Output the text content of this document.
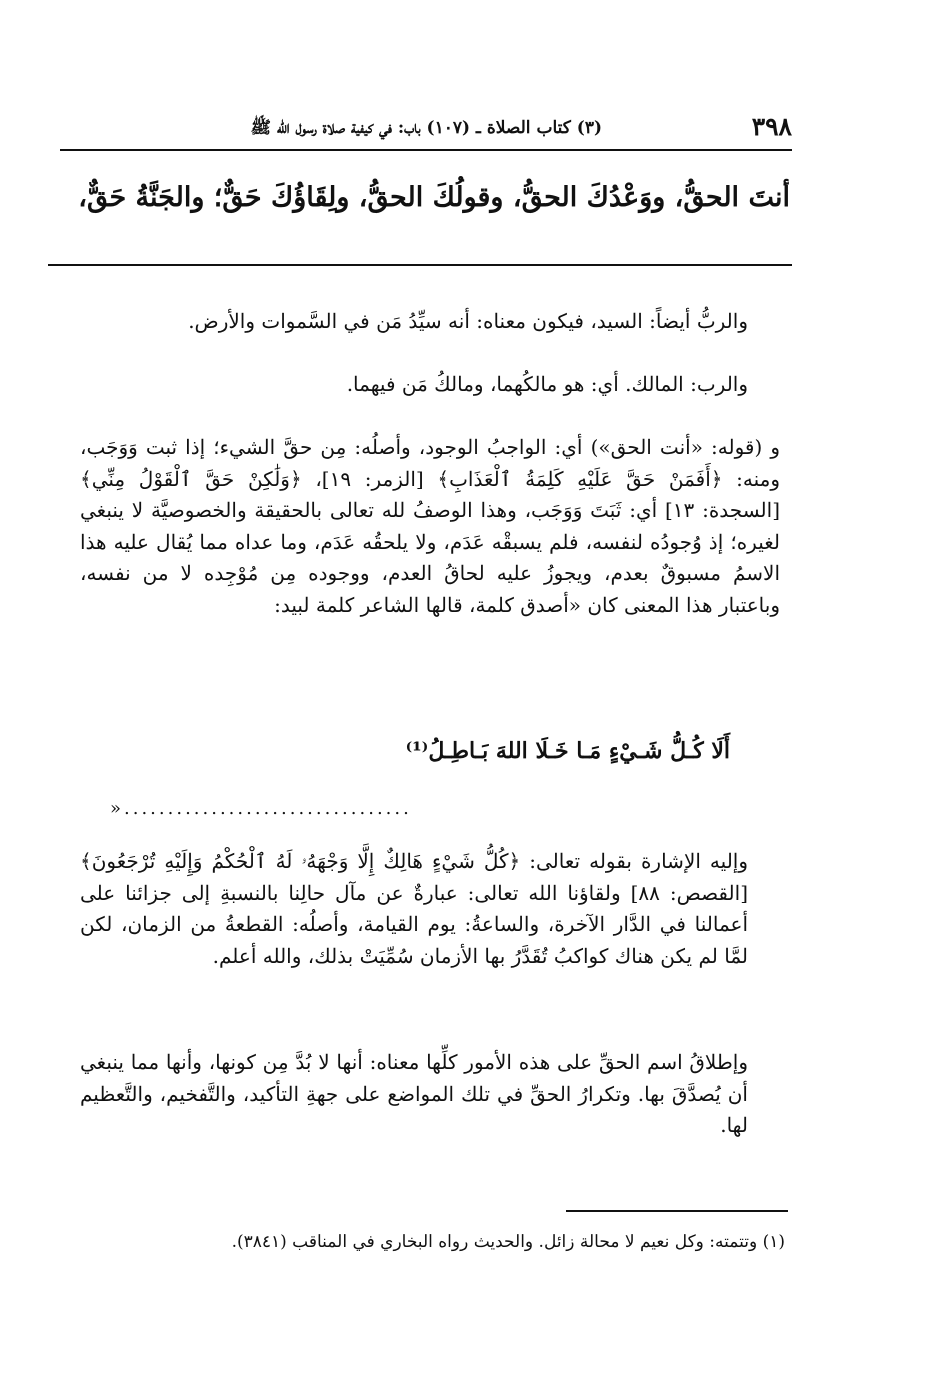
٣٩٨
(٣) كتاب الصلاة ـ (١٠٧) باب: في كيفية صلاة رسول الله ﷺ
أنتَ الحقُّ، ووَعْدُكَ الحقُّ، وقولُكَ الحقُّ، ولِقَاؤُكَ حَقٌّ؛ والجَنَّةُ حَقٌّ،

والربُّ أيضاً: السيد، فيكون معناه: أنه سيِّدُ مَن في السَّموات والأرض.

والرب: المالك. أي: هو مالكُهما، ومالكُ مَن فيهما.

و (قوله: «أنت الحق») أي: الواجبُ الوجود، وأصلُه: مِن حقَّ الشيء؛ إذا ثبت وَوَجَب، ومنه: ﴿أَفَمَنْ حَقَّ عَلَيْهِ كَلِمَةُ ٱلْعَذَابِ﴾ [الزمر: ١٩]، ﴿وَلَٰكِنْ حَقَّ ٱلْقَوْلُ مِنِّي﴾ [السجدة: ١٣] أي: ثَبَتَ وَوَجَب، وهذا الوصفُ لله تعالى بالحقيقة والخصوصيَّة لا ينبغي لغيره؛ إذ وُجودُه لنفسه، فلم يسبقْه عَدَم، ولا يلحقُه عَدَم، وما عداه مما يُقال عليه هذا الاسمُ مسبوقٌ بعدم، ويجوزُ عليه لحاقُ العدم، ووجوده مِن مُوْجِده لا من نفسه، وباعتبار هذا المعنى كان «أصدق كلمة، قالها الشاعر كلمة لبيد:

أَلَا كُـلُّ شَـيْءٍ مَـا خَـلَا اللهَ بَـاطِـلُ⁽¹⁾
».................................

وإليه الإشارة بقوله تعالى: ﴿كُلُّ شَيْءٍ هَالِكٌ إِلَّا وَجْهَهُۥ لَهُ ٱلْحُكْمُ وَإِلَيْهِ تُرْجَعُونَ﴾ [القصص: ٨٨] ولقاؤنا الله تعالى: عبارةٌ عن مآل حالِنا بالنسبةِ إلى جزائنا على أعمالنا في الدَّار الآخرة، والساعةُ: يوم القيامة، وأصلُه: القطعةُ من الزمان، لكن لمَّا لم يكن هناك كواكبُ تُقَدَّرُ بها الأزمان سُمِّيَتْ بذلك، والله أعلم.

وإطلاقُ اسم الحقِّ على هذه الأمور كلِّها معناه: أنها لا بُدَّ مِن كونها، وأنها مما ينبغي أن يُصدَّقَ بها. وتكرارُ الحقِّ في تلك المواضع على جهةِ التأكيد، والتَّفخيم، والتَّعظيم لها.

(١) وتتمته: وكل نعيم لا محالة زائل. والحديث رواه البخاري في المناقب (٣٨٤١).
